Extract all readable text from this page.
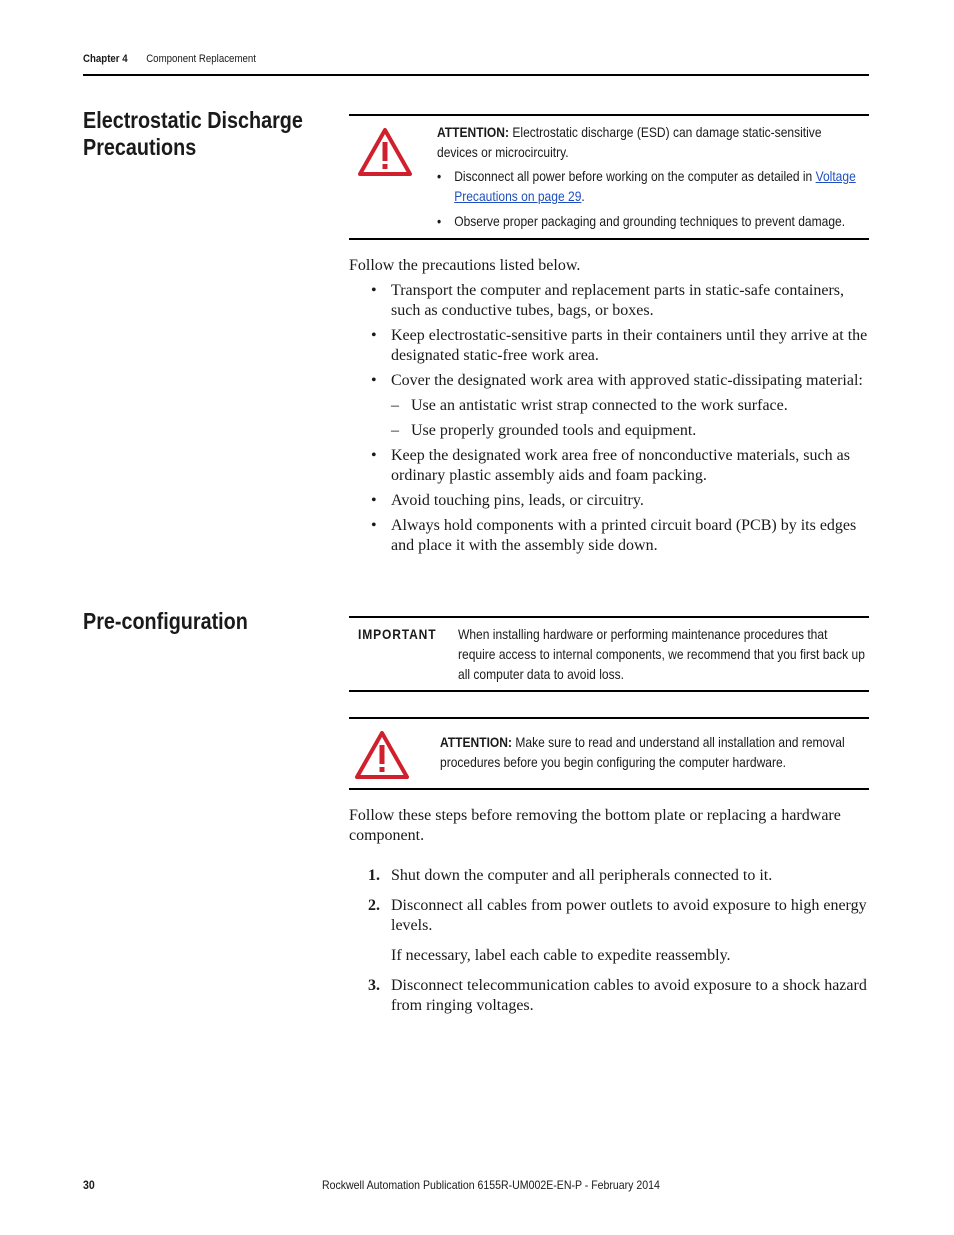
Chapter 4 Component Replacement
Electrostatic Discharge
Precautions
ATTENTION: Electrostatic discharge (ESD) can damage static-sensitive devices or microcircuitry.
• Disconnect all power before working on the computer as detailed in Voltage Precautions on page 29.
• Observe proper packaging and grounding techniques to prevent damage.
Follow the precautions listed below.
• Transport the computer and replacement parts in static-safe containers, such as conductive tubes, bags, or boxes.
• Keep electrostatic-sensitive parts in their containers until they arrive at the designated static-free work area.
• Cover the designated work area with approved static-dissipating material:
– Use an antistatic wrist strap connected to the work surface.
– Use properly grounded tools and equipment.
• Keep the designated work area free of nonconductive materials, such as ordinary plastic assembly aids and foam packing.
• Avoid touching pins, leads, or circuitry.
• Always hold components with a printed circuit board (PCB) by its edges and place it with the assembly side down.
Pre-configuration	IMPORTANT When installing hardware or performing maintenance procedures that require access to internal components, we recommend that you first back up all computer data to avoid loss.
ATTENTION: Make sure to read and understand all installation and removal procedures before you begin configuring the computer hardware.
Follow these steps before removing the bottom plate or replacing a hardware component.
1. Shut down the computer and all peripherals connected to it.
2. Disconnect all cables from power outlets to avoid exposure to high energy levels.
If necessary, label each cable to expedite reassembly.
3. Disconnect telecommunication cables to avoid exposure to a shock hazard from ringing voltages.
30	Rockwell Automation Publication 6155R-UM002E-EN-P - February 2014
